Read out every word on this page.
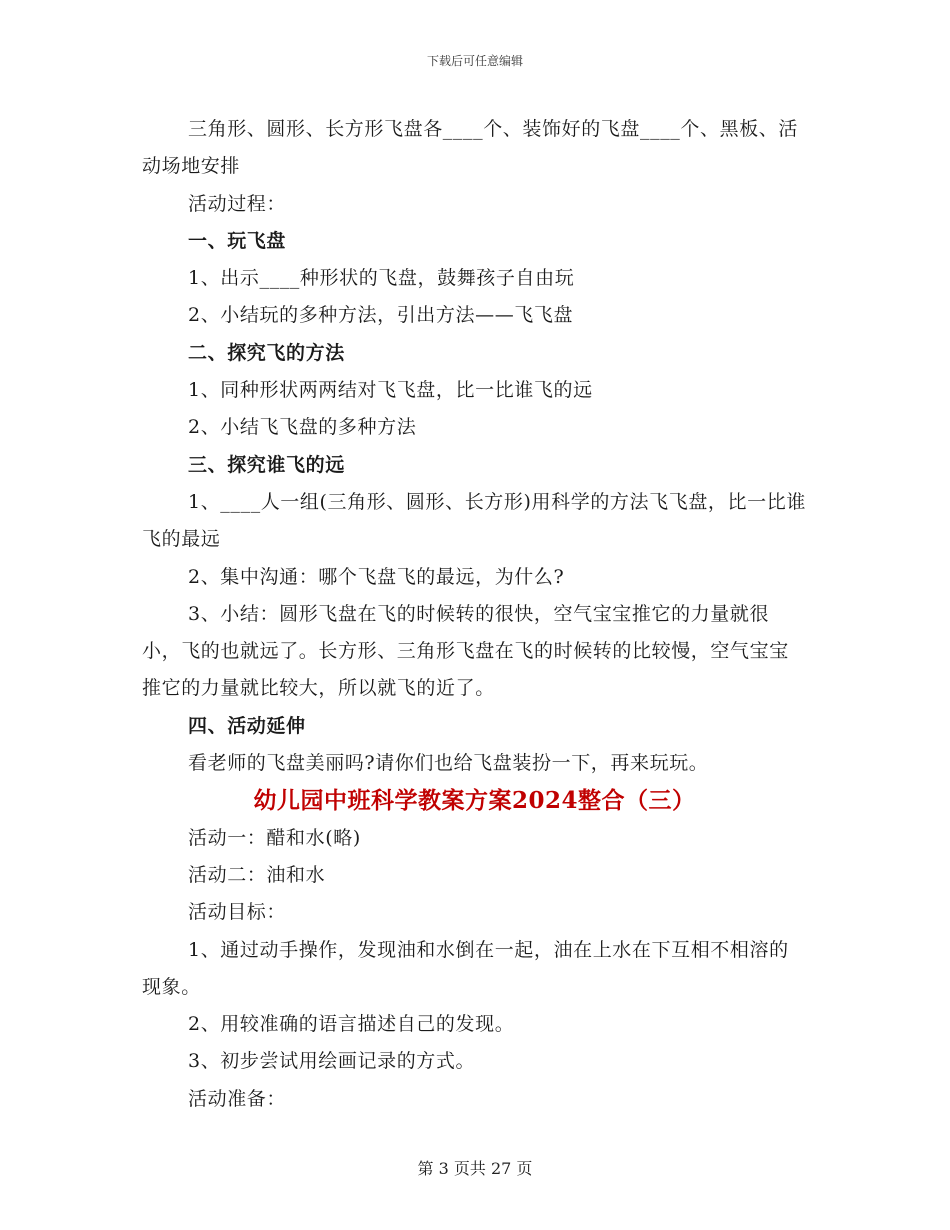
下载后可任意编辑

三角形、圆形、长方形飞盘各____个、装饰好的飞盘____个、黑板、活动场地安排

活动过程：

一、玩飞盘

1、出示____种形状的飞盘，鼓舞孩子自由玩

2、小结玩的多种方法，引出方法——飞飞盘

二、探究飞的方法

1、同种形状两两结对飞飞盘，比一比谁飞的远

2、小结飞飞盘的多种方法

三、探究谁飞的远

1、____人一组(三角形、圆形、长方形)用科学的方法飞飞盘，比一比谁飞的最远

2、集中沟通：哪个飞盘飞的最远，为什么?

3、小结：圆形飞盘在飞的时候转的很快，空气宝宝推它的力量就很小，飞的也就远了。长方形、三角形飞盘在飞的时候转的比较慢，空气宝宝推它的力量就比较大，所以就飞的近了。

四、活动延伸

看老师的飞盘美丽吗?请你们也给飞盘装扮一下，再来玩玩。

幼儿园中班科学教案方案2024整合（三）

活动一：醋和水(略)

活动二：油和水

活动目标：

1、通过动手操作，发现油和水倒在一起，油在上水在下互相不相溶的现象。

2、用较准确的语言描述自己的发现。

3、初步尝试用绘画记录的方式。

活动准备：

第 3 页共 27 页
